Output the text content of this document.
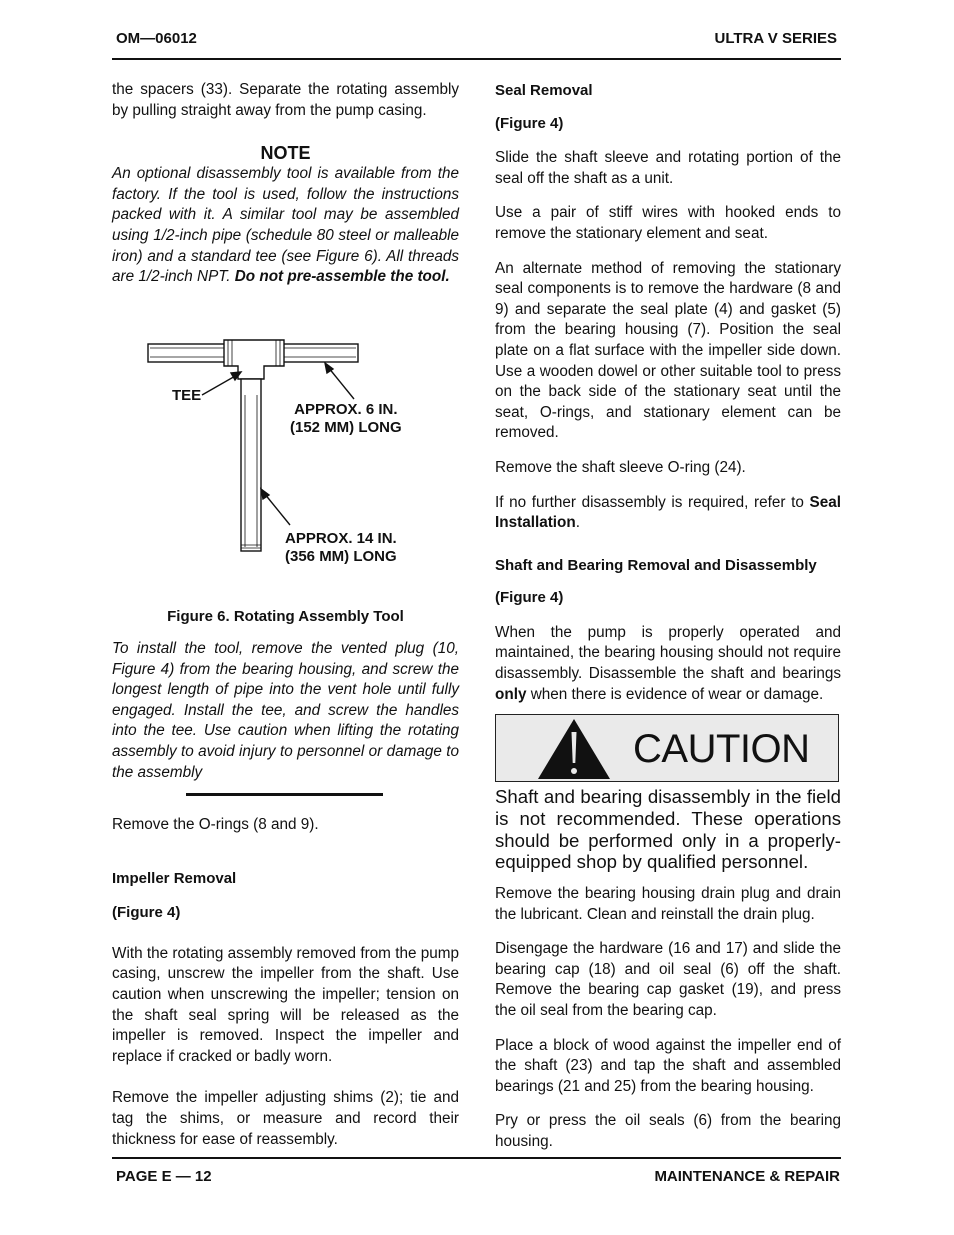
OM—06012	ULTRA V SERIES

the spacers (33). Separate the rotating assembly by pulling straight away from the pump casing.

NOTE

An optional disassembly tool is available from the factory. If the tool is used, follow the instructions packed with it. A similar tool may be assembled using 1/2-inch pipe (schedule 80 steel or malleable iron) and a standard tee (see Figure 6). All threads are 1/2-inch NPT. Do not pre-assemble the tool.

TEE
APPROX. 6 IN.
(152 MM) LONG
APPROX. 14 IN.
(356 MM) LONG
Figure 6. Rotating Assembly Tool

To install the tool, remove the vented plug (10, Figure 4) from the bearing housing, and screw the longest length of pipe into the vent hole until fully engaged. Install the tee, and screw the handles into the tee. Use caution when lifting the rotating assembly to avoid injury to personnel or damage to the assembly

Remove the O-rings (8 and 9).

Impeller Removal

(Figure 4)

With the rotating assembly removed from the pump casing, unscrew the impeller from the shaft. Use caution when unscrewing the impeller; tension on the shaft seal spring will be released as the impeller is removed. Inspect the impeller and replace if cracked or badly worn.

Remove the impeller adjusting shims (2); tie and tag the shims, or measure and record their thickness for ease of reassembly.

Seal Removal

(Figure 4)

Slide the shaft sleeve and rotating portion of the seal off the shaft as a unit.

Use a pair of stiff wires with hooked ends to remove the stationary element and seat.

An alternate method of removing the stationary seal components is to remove the hardware (8 and 9) and separate the seal plate (4) and gasket (5) from the bearing housing (7). Position the seal plate on a flat surface with the impeller side down. Use a wooden dowel or other suitable tool to press on the back side of the stationary seat until the seat, O-rings, and stationary element can be removed.

Remove the shaft sleeve O-ring (24).

If no further disassembly is required, refer to Seal Installation.

Shaft and Bearing Removal and Disassembly

(Figure 4)

When the pump is properly operated and maintained, the bearing housing should not require disassembly. Disassemble the shaft and bearings only when there is evidence of wear or damage.

CAUTION
Shaft and bearing disassembly in the field is not recommended. These operations should be performed only in a properly-equipped shop by qualified personnel.

Remove the bearing housing drain plug and drain the lubricant. Clean and reinstall the drain plug.

Disengage the hardware (16 and 17) and slide the bearing cap (18) and oil seal (6) off the shaft. Remove the bearing cap gasket (19), and press the oil seal from the bearing cap.

Place a block of wood against the impeller end of the shaft (23) and tap the shaft and assembled bearings (21 and 25) from the bearing housing.

Pry or press the oil seals (6) from the bearing housing.

PAGE E — 12	MAINTENANCE & REPAIR
